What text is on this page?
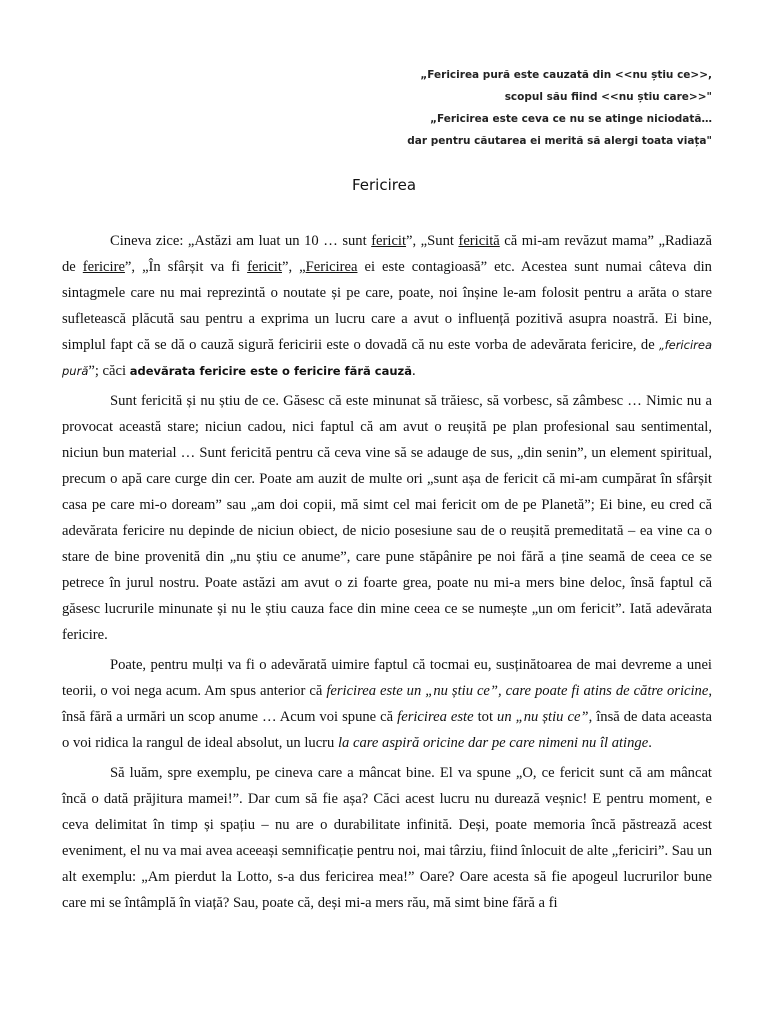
„Fericirea pură este cauzată din <<nu știu ce>>,

scopul său fiind <<nu știu care>>"

„Fericirea este ceva ce nu se atinge niciodată…

dar pentru căutarea ei merită să alergi toata viața"

Fericirea

Cineva zice: „Astăzi am luat un 10 … sunt fericit”, „Sunt fericită că mi-am revăzut mama” „Radiază de fericire”, „În sfârșit va fi fericit”, „Fericirea ei este contagioasă” etc. Acestea sunt numai câteva din sintagmele care nu mai reprezintă o noutate și pe care, poate, noi înșine le-am folosit pentru a arăta o stare sufletească plăcută sau pentru a exprima un lucru care a avut o influență pozitivă asupra noastră. Ei bine, simplul fapt că se dă o cauză sigură fericirii este o dovadă că nu este vorba de adevărata fericire, de „fericirea pură”; căci adevărata fericire este o fericire fără cauză.

Sunt fericită și nu știu de ce. Găsesc că este minunat să trăiesc, să vorbesc, să zâmbesc … Nimic nu a provocat această stare; niciun cadou, nici faptul că am avut o reușită pe plan profesional sau sentimental, niciun bun material … Sunt fericită pentru că ceva vine să se adauge de sus, „din senin”, un element spiritual, precum o apă care curge din cer. Poate am auzit de multe ori „sunt așa de fericit că mi-am cumpărat în sfârșit casa pe care mi-o doream” sau „am doi copii, mă simt cel mai fericit om de pe Planetă”; Ei bine, eu cred că adevărata fericire nu depinde de niciun obiect, de nicio posesiune sau de o reușită premeditată – ea vine ca o stare de bine provenită din „nu știu ce anume”, care pune stăpânire pe noi fără a ține seamă de ceea ce se petrece în jurul nostru. Poate astăzi am avut o zi foarte grea, poate nu mi-a mers bine deloc, însă faptul că găsesc lucrurile minunate și nu le știu cauza face din mine ceea ce se numește „un om fericit”. Iată adevărata fericire.

Poate, pentru mulți va fi o adevărată uimire faptul că tocmai eu, susținătoarea de mai devreme a unei teorii, o voi nega acum. Am spus anterior că fericirea este un „nu știu ce”, care poate fi atins de către oricine, însă fără a urmări un scop anume … Acum voi spune că fericirea este tot un „nu știu ce”, însă de data aceasta o voi ridica la rangul de ideal absolut, un lucru la care aspiră oricine dar pe care nimeni nu îl atinge.

Să luăm, spre exemplu, pe cineva care a mâncat bine. El va spune „O, ce fericit sunt că am mâncat încă o dată prăjitura mamei!”. Dar cum să fie așa? Căci acest lucru nu durează veșnic! E pentru moment, e ceva delimitat în timp și spațiu – nu are o durabilitate infinită. Deși, poate memoria încă păstrează acest eveniment, el nu va mai avea aceeași semnificație pentru noi, mai târziu, fiind înlocuit de alte „fericiri”. Sau un alt exemplu: „Am pierdut la Lotto, s-a dus fericirea mea!” Oare? Oare acesta să fie apogeul lucrurilor bune care mi se întâmplă în viață? Sau, poate că, deși mi-a mers rău, mă simt bine fără a fi
